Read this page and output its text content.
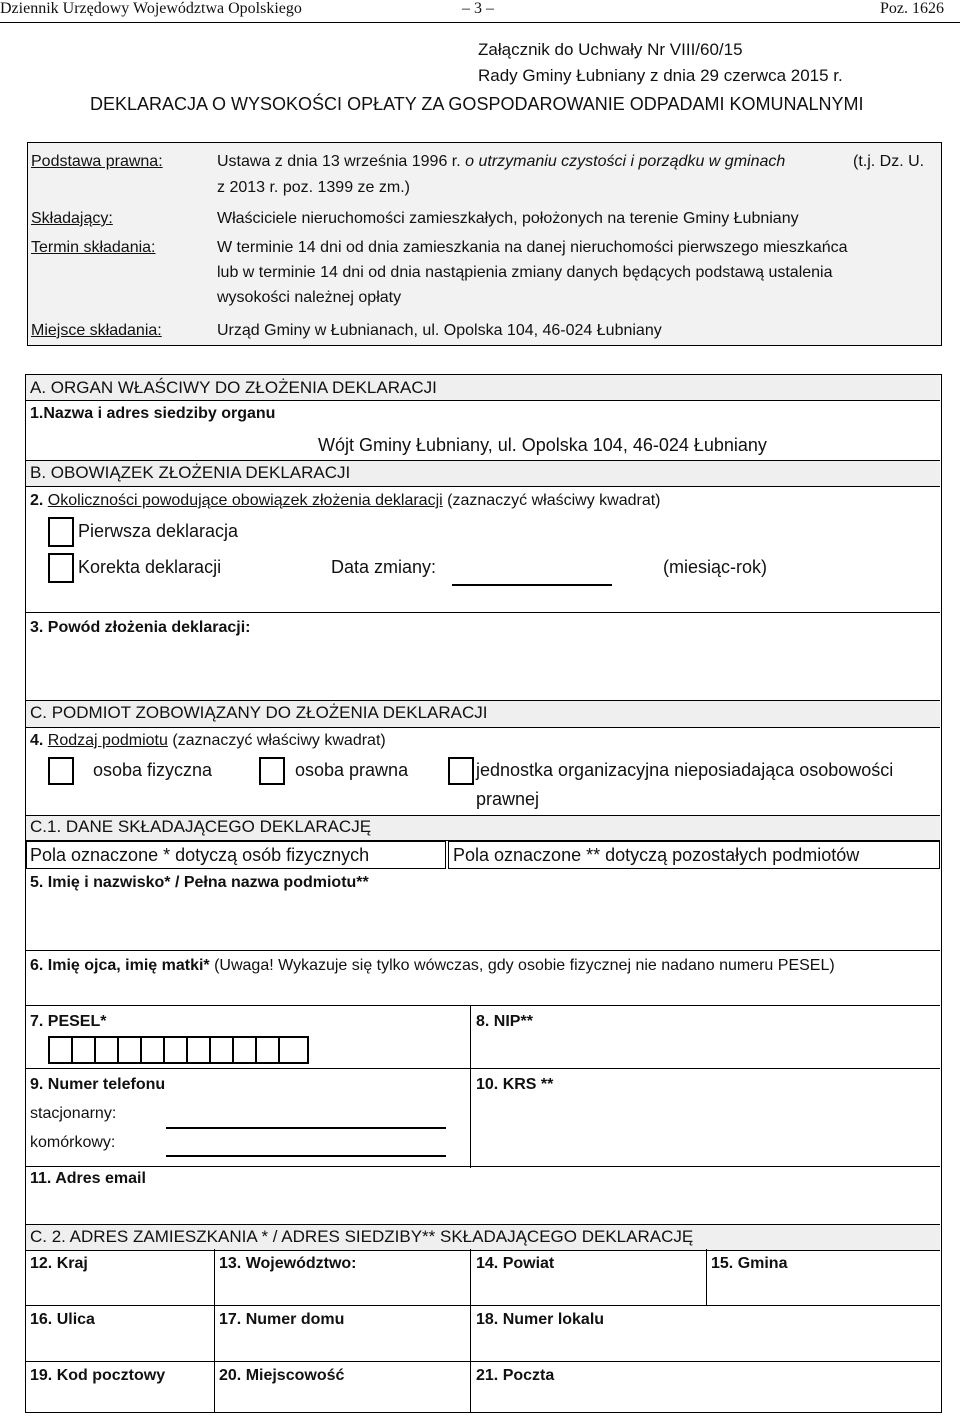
Dziennik Urzędowy Województwa Opolskiego	– 3 –	Poz. 1626
Załącznik do Uchwały Nr VIII/60/15
Rady Gminy Łubniany z dnia 29 czerwca 2015 r.
DEKLARACJA O WYSOKOŚCI OPŁATY ZA GOSPODAROWANIE ODPADAMI KOMUNALNYMI
Podstawa prawna:	Ustawa z dnia 13 września 1996 r. o utrzymaniu czystości i porządku w gminach	(t.j. Dz. U.
z 2013 r. poz. 1399 ze zm.)
Składający:	Właściciele nieruchomości zamieszkałych, położonych na terenie Gminy Łubniany
Termin składania:	W terminie 14 dni od dnia zamieszkania na danej nieruchomości pierwszego mieszkańca
lub w terminie 14 dni od dnia nastąpienia zmiany danych będących podstawą ustalenia
wysokości należnej opłaty
Miejsce składania:	Urząd Gminy w Łubnianach, ul. Opolska 104, 46-024 Łubniany
A. ORGAN WŁAŚCIWY DO ZŁOŻENIA DEKLARACJI
1.Nazwa i adres siedziby organu
Wójt Gminy Łubniany, ul. Opolska 104, 46-024 Łubniany
B. OBOWIĄZEK ZŁOŻENIA DEKLARACJI
2. Okoliczności powodujące obowiązek złożenia deklaracji (zaznaczyć właściwy kwadrat)
Pierwsza deklaracja
Korekta deklaracji	Data zmiany:	(miesiąc-rok)
3. Powód złożenia deklaracji:
C. PODMIOT ZOBOWIĄZANY DO ZŁOŻENIA DEKLARACJI
4. Rodzaj podmiotu (zaznaczyć właściwy kwadrat)
osoba fizyczna	osoba prawna	jednostka organizacyjna nieposiadająca osobowości
prawnej
C.1. DANE SKŁADAJĄCEGO DEKLARACJĘ
Pola oznaczone * dotyczą osób fizycznych	Pola oznaczone ** dotyczą pozostałych podmiotów
5. Imię i nazwisko* / Pełna nazwa podmiotu**
6. Imię ojca, imię matki* (Uwaga! Wykazuje się tylko wówczas, gdy osobie fizycznej nie nadano numeru PESEL)
7. PESEL*	8. NIP**
9. Numer telefonu
stacjonarny:
komórkowy:
10. KRS **
11. Adres email
C. 2. ADRES ZAMIESZKANIA * / ADRES SIEDZIBY** SKŁADAJĄCEGO DEKLARACJĘ
12. Kraj	13. Województwo:	14. Powiat	15. Gmina
16. Ulica	17. Numer domu	18. Numer lokalu
19. Kod pocztowy	20. Miejscowość	21. Poczta
